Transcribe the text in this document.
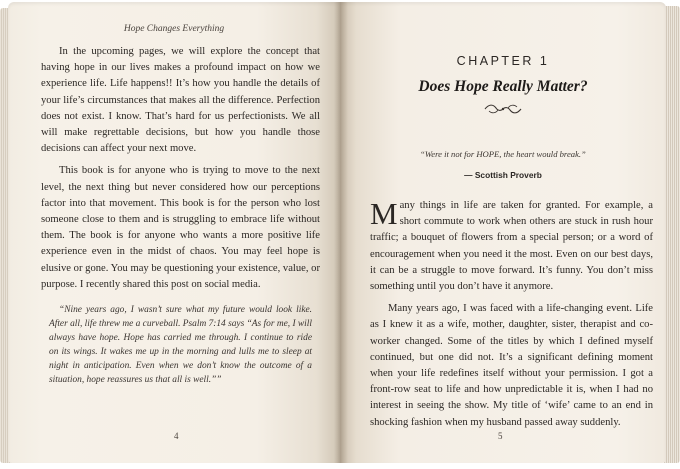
Hope Changes Everything

In the upcoming pages, we will explore the concept that having hope in our lives makes a profound impact on how we experience life. Life happens!! It’s how you handle the details of your life’s circumstances that makes all the difference. Perfection does not exist. I know. That’s hard for us perfectionists. We all will make regrettable decisions, but how you handle those decisions can affect your next move.

This book is for anyone who is trying to move to the next level, the next thing but never considered how our perceptions factor into that movement. This book is for the person who lost someone close to them and is struggling to embrace life without them. The book is for anyone who wants a more positive life experience even in the midst of chaos. You may feel hope is elusive or gone. You may be questioning your existence, value, or purpose. I recently shared this post on social media.

“Nine years ago, I wasn’t sure what my future would look like. After all, life threw me a curveball. Psalm 7:14 says “As for me, I will always have hope. Hope has carried me through. I continue to ride on its wings. It wakes me up in the morning and lulls me to sleep at night in anticipation. Even when we don’t know the outcome of a situation, hope reassures us that all is well.””
4
CHAPTER 1
Does Hope Really Matter?
“Were it not for HOPE, the heart would break.”
— Scottish Proverb

Many things in life are taken for granted. For example, a short commute to work when others are stuck in rush hour traffic; a bouquet of flowers from a special person; or a word of encouragement when you need it the most. Even on our best days, it can be a struggle to move forward. It’s funny. You don’t miss something until you don’t have it anymore.

Many years ago, I was faced with a life-changing event. Life as I knew it as a wife, mother, daughter, sister, therapist and co-worker changed. Some of the titles by which I defined myself continued, but one did not. It’s a significant defining moment when your life redefines itself without your permission. I got a front-row seat to life and how unpredictable it is, when I had no interest in seeing the show. My title of ‘wife’ came to an end in shocking fashion when my husband passed away suddenly.

5
